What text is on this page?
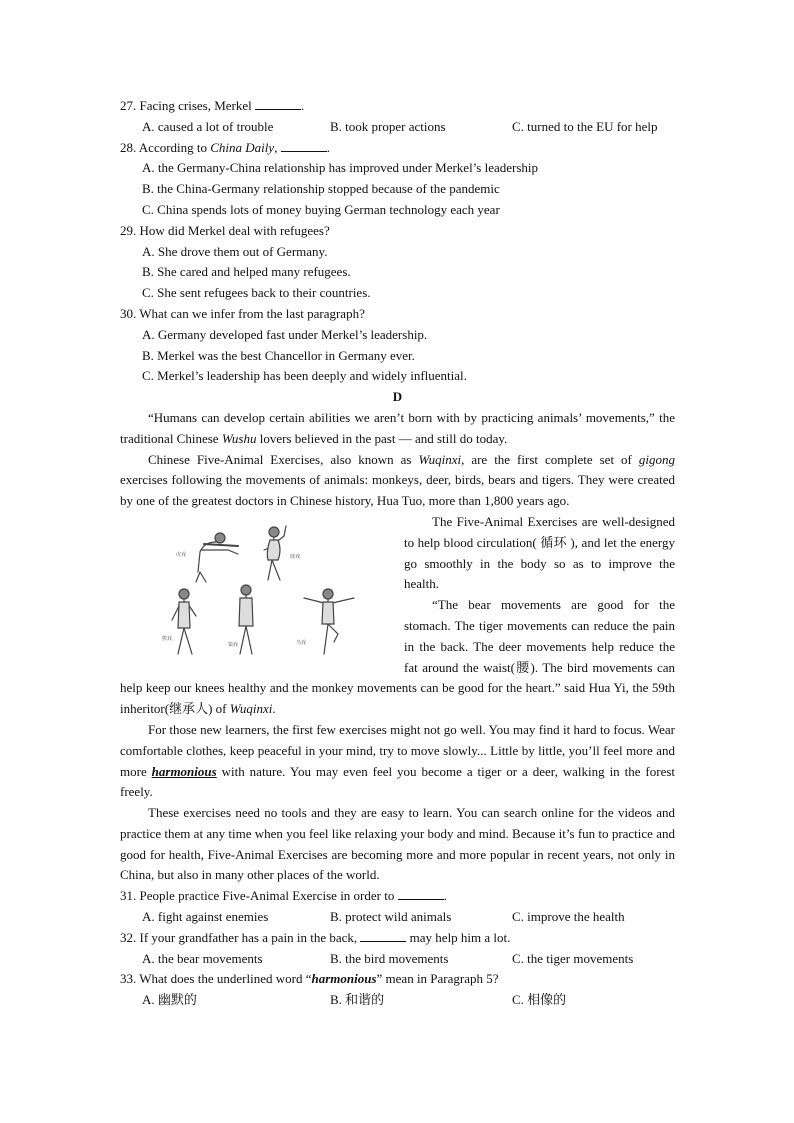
27. Facing crises, Merkel	.
A. caused a lot of trouble	B. took proper actions	C. turned to the EU for help
28. According to China Daily,	.
A. the Germany-China relationship has improved under Merkel’s leadership
B. the China-Germany relationship stopped because of the pandemic
C. China spends lots of money buying German technology each year
29. How did Merkel deal with refugees?
A. She drove them out of Germany.
B. She cared and helped many refugees.
C. She sent refugees back to their countries.
30. What can we infer from the last paragraph?
A. Germany developed fast under Merkel’s leadership.
B. Merkel was the best Chancellor in Germany ever.
C. Merkel’s leadership has been deeply and widely influential.
D
“Humans can develop certain abilities we aren’t born with by practicing animals’ movements,” the traditional Chinese Wushu lovers believed in the past — and still do today.
Chinese Five-Animal Exercises, also known as Wuqinxi, are the first complete set of gigong exercises following the movements of animals: monkeys, deer, birds, bears and tigers. They were created by one of the greatest doctors in Chinese history, Hua Tuo, more than 1,800 years ago.
虎戏	鹿戏
熊戏
猿戏	鸟戏
The Five-Animal Exercises are well-designed to help blood circulation( 循环 ), and let the energy go smoothly in the body so as to improve the health.
“The bear movements are good for the stomach. The tiger movements can reduce the pain in the back. The deer movements help reduce the fat around the waist(腰). The bird movements can help keep our knees healthy and the monkey movements can be good for the heart.” said Hua Yi, the 59th inheritor(继承人) of Wuqinxi.
For those new learners, the first few exercises might not go well. You may find it hard to focus. Wear comfortable clothes, keep peaceful in your mind, try to move slowly... Little by little, you’ll feel more and more harmonious with nature. You may even feel you become a tiger or a deer, walking in the forest freely.
These exercises need no tools and they are easy to learn. You can search online for the videos and practice them at any time when you feel like relaxing your body and mind. Because it’s fun to practice and good for health, Five-Animal Exercises are becoming more and more popular in recent years, not only in China, but also in many other places of the world.
31. People practice Five-Animal Exercise in order to	.
A. fight against enemies	B. protect wild animals	C. improve the health
32. If your grandfather has a pain in the back,	may help him a lot.
A. the bear movements	B. the bird movements	C. the tiger movements
33. What does the underlined word “harmonious” mean in Paragraph 5?
A. 幽默的	B. 和谐的	C. 相像的
